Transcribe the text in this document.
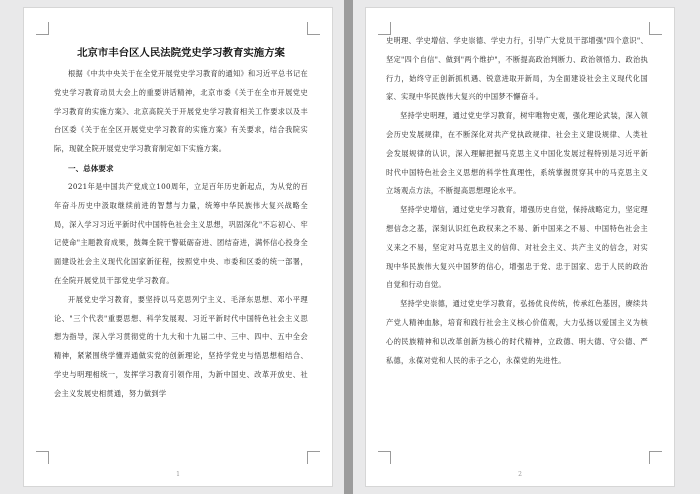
北京市丰台区人民法院党史学习教育实施方案

根据《中共中央关于在全党开展党史学习教育的通知》和习近平总书记在党史学习教育动员大会上的重要讲话精神，北京市委《关于在全市开展党史学习教育的实施方案》、北京高院关于开展党史学习教育相关工作要求以及丰台区委《关于在全区开展党史学习教育的实施方案》有关要求，结合我院实际，现就全院开展党史学习教育制定如下实施方案。

一、总体要求

2021年是中国共产党成立100周年，立足百年历史新起点，为从党的百年奋斗历史中汲取继续前进的智慧与力量，统筹中华民族伟大复兴战略全局，深入学习习近平新时代中国特色社会主义思想，巩固深化"不忘初心、牢记使命"主题教育成果，鼓舞全院干警砥砺奋进、团结奋进，满怀信心投身全面建设社会主义现代化国家新征程，按照党中央、市委和区委的统一部署，在全院开展党员干部党史学习教育。

开展党史学习教育，要坚持以马克思列宁主义、毛泽东思想、邓小平理论、"三个代表"重要思想、科学发展观、习近平新时代中国特色社会主义思想为指导，深入学习贯彻党的十九大和十九届二中、三中、四中、五中全会精神，紧紧围绕学懂弄通做实党的创新理论，坚持学党史与悟思想相结合、学史与明理相统一，发挥学习教育引领作用，为新中国史、改革开放史、社会主义发展史相贯通，努力做到学

1

史明理、学史增信、学史崇德、学史力行，引导广大党员干部增强"四个意识"、坚定"四个自信"、做到"两个维护"，不断提高政治判断力、政治领悟力、政治执行力，始终守正创新抓机遇、锐意进取开新局，为全面建设社会主义现代化国家、实现中华民族伟大复兴的中国梦不懈奋斗。

坚持学史明理，通过党史学习教育，树牢唯物史观，强化理论武装，深入领会历史发展规律，在不断深化对共产党执政规律、社会主义建设规律、人类社会发展规律的认识，深入理解把握马克思主义中国化发展过程特别是习近平新时代中国特色社会主义思想的科学性真理性，系统掌握贯穿其中的马克思主义立场观点方法，不断提高思想理论水平。

坚持学史增信，通过党史学习教育，增强历史自觉，保持战略定力，坚定理想信念之基，深刻认识红色政权来之不易、新中国来之不易、中国特色社会主义来之不易，坚定对马克思主义的信仰、对社会主义、共产主义的信念，对实现中华民族伟大复兴中国梦的信心，增强忠于党、忠于国家、忠于人民的政治自觉和行动自觉。

坚持学史崇德，通过党史学习教育，弘扬优良传统，传承红色基因，赓续共产党人精神血脉，培育和践行社会主义核心价值观，大力弘扬以爱国主义为核心的民族精神和以改革创新为核心的时代精神，立政德、明大德、守公德、严私德，永葆对党和人民的赤子之心，永葆党的先进性。

2
